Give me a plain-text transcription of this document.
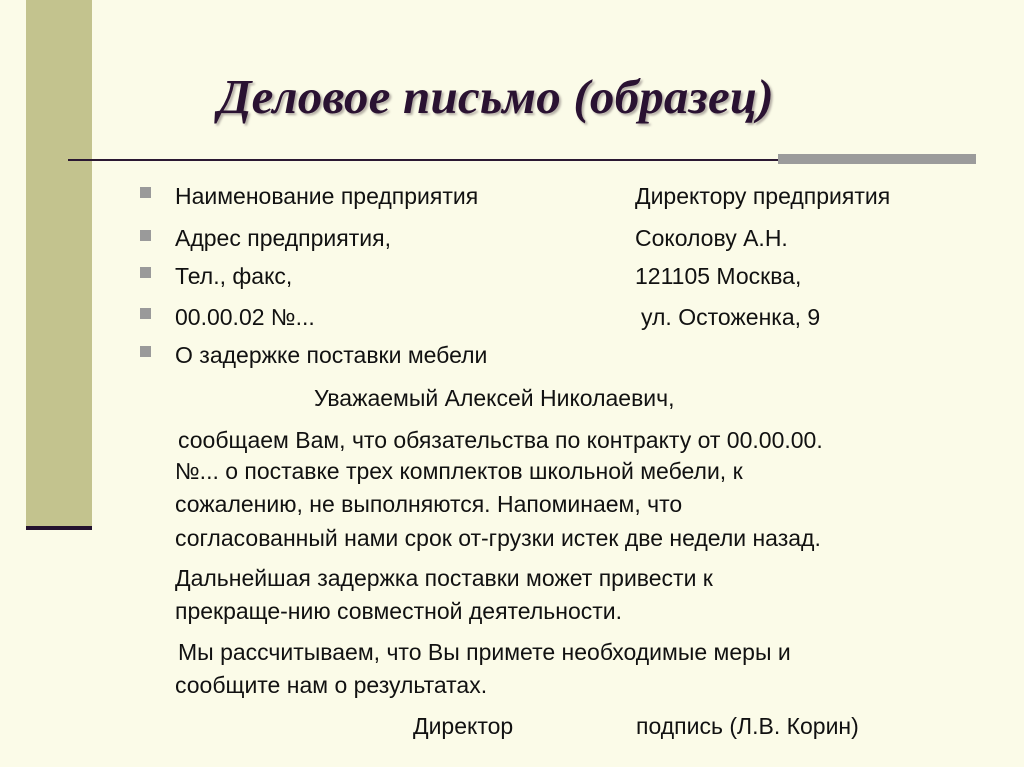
Деловое письмо (образец)
Наименование предприятия
Адрес предприятия,
Тел., факс,
00.00.02 №...
О задержке поставки мебели
Директору предприятия
Соколову А.Н.
121105 Москва,
ул. Остоженка, 9
Уважаемый Алексей Николаевич,
сообщаем Вам, что обязательства по контракту от 00.00.00.
№... о поставке трех комплектов школьной мебели, к
сожалению, не выполняются. Напоминаем, что
согласованный нами срок от-грузки истек две недели назад.
Дальнейшая задержка поставки может привести к
прекраще-нию совместной деятельности.
Мы рассчитываем, что Вы примете необходимые меры и
сообщите нам о результатах.
Директор	подпись (Л.В. Корин)
